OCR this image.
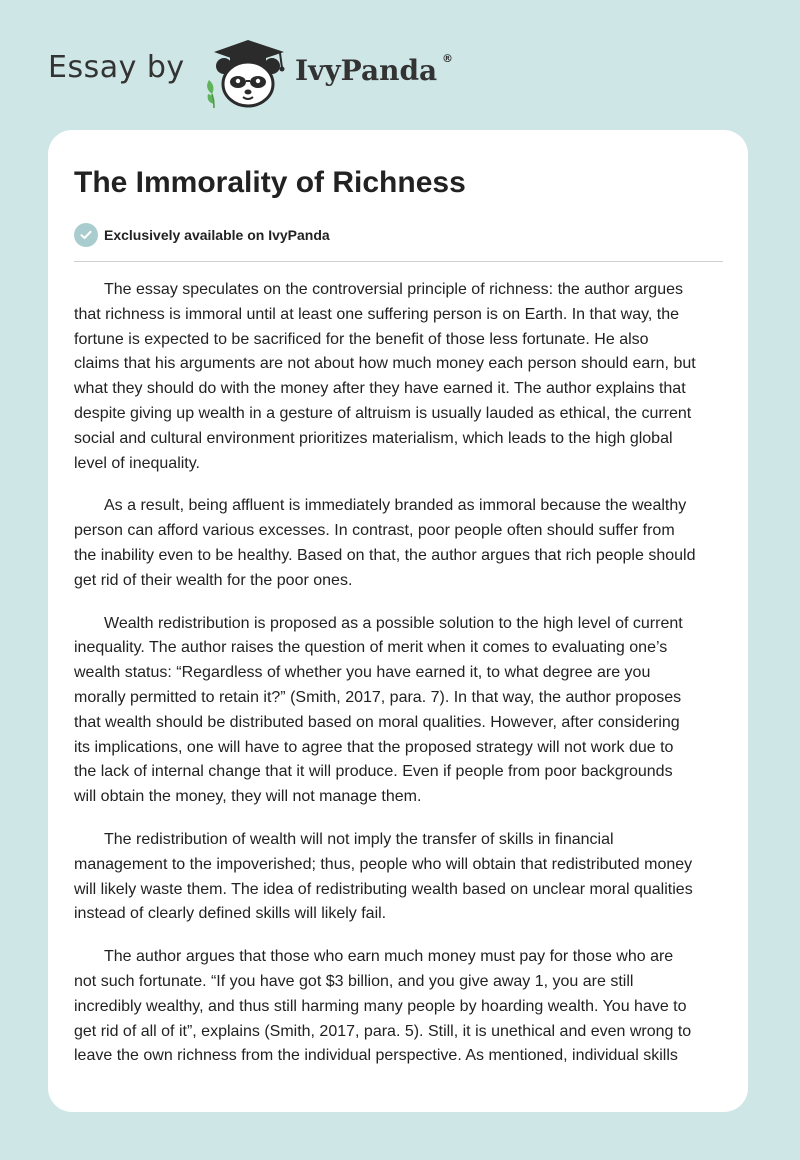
Essay by	IvyPanda ®
The Immorality of Richness
Exclusively available on IvyPanda

The essay speculates on the controversial principle of richness: the author argues
that richness is immoral until at least one suffering person is on Earth. In that way, the
fortune is expected to be sacrificed for the benefit of those less fortunate. He also
claims that his arguments are not about how much money each person should earn, but
what they should do with the money after they have earned it. The author explains that
despite giving up wealth in a gesture of altruism is usually lauded as ethical, the current
social and cultural environment prioritizes materialism, which leads to the high global
level of inequality.

As a result, being affluent is immediately branded as immoral because the wealthy
person can afford various excesses. In contrast, poor people often should suffer from
the inability even to be healthy. Based on that, the author argues that rich people should
get rid of their wealth for the poor ones.

Wealth redistribution is proposed as a possible solution to the high level of current
inequality. The author raises the question of merit when it comes to evaluating one’s
wealth status: “Regardless of whether you have earned it, to what degree are you
morally permitted to retain it?” (Smith, 2017, para. 7). In that way, the author proposes
that wealth should be distributed based on moral qualities. However, after considering
its implications, one will have to agree that the proposed strategy will not work due to
the lack of internal change that it will produce. Even if people from poor backgrounds
will obtain the money, they will not manage them.

The redistribution of wealth will not imply the transfer of skills in financial
management to the impoverished; thus, people who will obtain that redistributed money
will likely waste them. The idea of redistributing wealth based on unclear moral qualities
instead of clearly defined skills will likely fail.

The author argues that those who earn much money must pay for those who are
not such fortunate. “If you have got $3 billion, and you give away 1, you are still
incredibly wealthy, and thus still harming many people by hoarding wealth. You have to
get rid of all of it”, explains (Smith, 2017, para. 5). Still, it is unethical and even wrong to
leave the own richness from the individual perspective. As mentioned, individual skills
